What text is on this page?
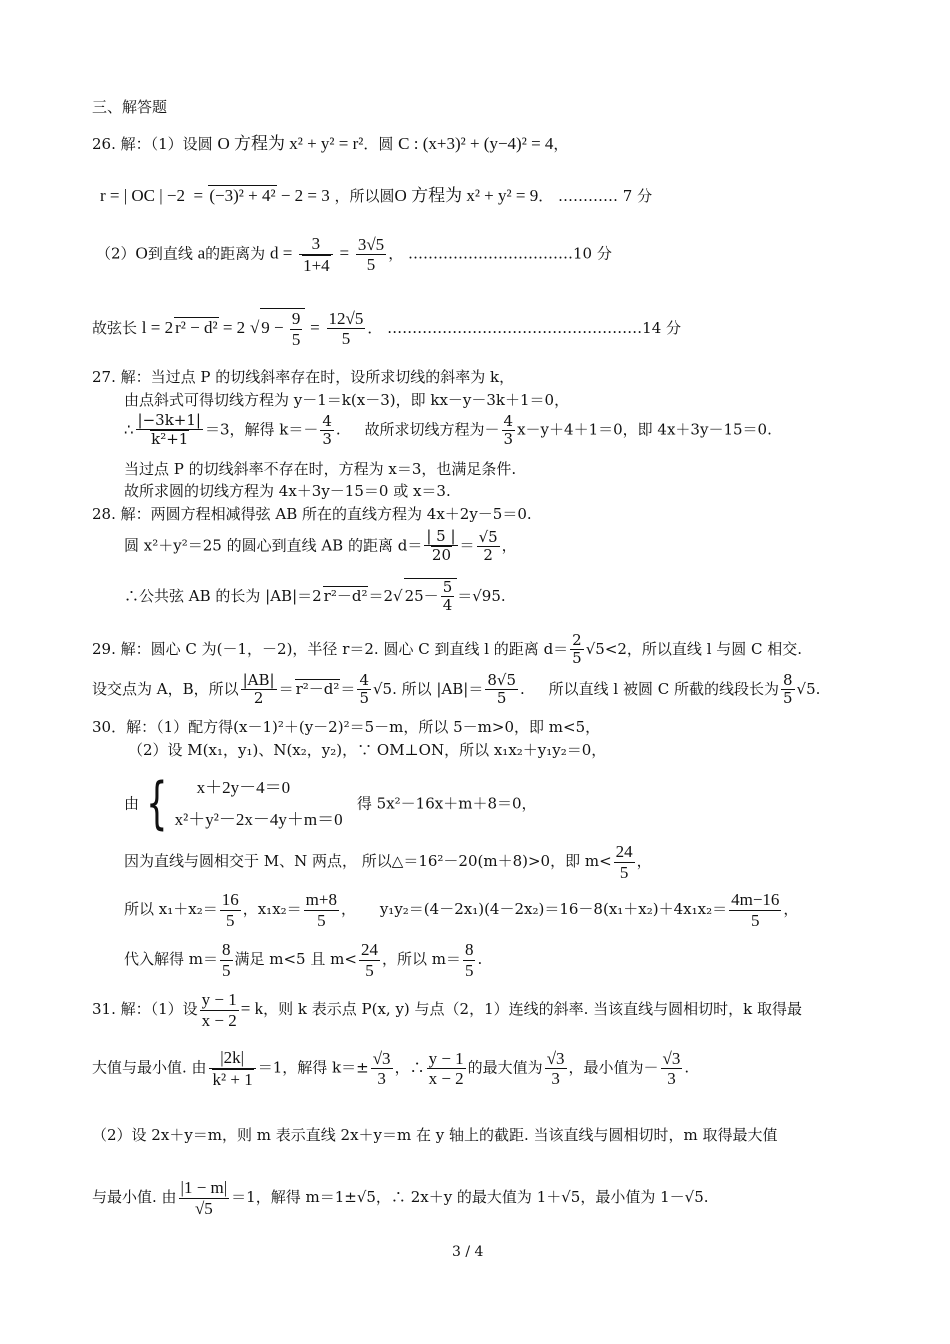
三、解答题
26. 解：（1）设圆 O 方程为 x² + y² = r²．圆 C : (x+3)² + (y−4)² = 4，
r = | OC | −2  = (−3)² + 4² − 2 = 3 ，所以圆O 方程为 x² + y² = 9． ………… 7 分
（2）O到直线 a的距离为 $d = \frac{3}{1+4} = \frac{3√5}{5}$ ， ……………………………10 分
故弦长 l = 2 r² − d² = 2 √ $9 - \frac{9}{5} = \frac{12√5}{5}$ ． ……………………………………………14 分
27. 解：当过点 P 的切线斜率存在时，设所求切线的斜率为 k，
由点斜式可得切线方程为 y－1＝k(x－3)，即 kx－y－3k＋1＝0，
∴ $\frac{|-3k+1|}{\text{k²+1}} =3$，解得 $k=- \frac{4}{3}$ .     故所求切线方程为－ $\frac{4}{3} x-y+4+1=0$，即 4x＋3y－15＝0.
当过点 P 的切线斜率不存在时，方程为 x＝3，也满足条件.
故所求圆的切线方程为 4x＋3y－15＝0 或 x＝3.
28. 解：两圆方程相减得弦 AB 所在的直线方程为 4x＋2y－5＝0.
圆 x²＋y²＝25 的圆心到直线 AB 的距离 $d= \frac{| 5 |}{20} = \frac{√5}{2}$ ，
∴公共弦 AB 的长为 |AB|＝2 r²－d²＝2√ $25- \frac{5}{4} =√95$.
29. 解：圆心 C 为(－1，－2)，半径 r＝2. 圆心 C 到直线 l 的距离 $d= \frac{2}{5} √5<2$，所以直线 l 与圆 C 相交.
设交点为 A，B，所以 $\frac{|AB|}{2} = r^2-d^2= \frac{4}{5} √5$. 所以 $|AB|= \frac{8√5}{5}$ .     所以直线 l 被圆 C 所截的线段长为 $\frac{8}{5} √5$.
30．解：（1）配方得(x－1)²＋(y－2)²＝5－m，所以 5－m>0，即 m<5，
（2）设 M(x₁，y₁)、N(x₂，y₂)，∵ OM⊥ON，所以 x₁x₂＋y₁y₂＝0，
由 {	x＋2y－4＝0
x²＋y²－2x－4y＋m＝0
得 5x²－16x＋m＋8＝0，
因为直线与圆相交于 M、N 两点， 所以△＝16²－20(m＋8)>0，即 $m< \frac{24}{5}$ ，
所以 $x_1+x_2= \frac{16}{5}$ ，$x_1x_2= \frac{m+8}{5}$ ，     $y_1y_2=(4-2x_1)(4-2x_2)=16-8(x_1+x_2)+4x_1x_2= \frac{4m-16}{5}$ ，
代入解得 $m= \frac{8}{5}$ 满足 m<5 且 $m< \frac{24}{5}$ ，所以 $m= \frac{8}{5}$ .
31. 解：（1）设 $\frac{y - 1}{x - 2} = k$，则 k 表示点 P(x, y) 与点（2，1）连线的斜率. 当该直线与圆相切时，k 取得最
大值与最小值. 由 $\frac{|2k|}{\text{k² + 1}} =1$，解得 $k=\pm \frac{√3}{3}$ ，∴ $\frac{y - 1}{x - 2}$ 的最大值为 $\frac{√3}{3}$ ，最小值为－ $\frac{√3}{3}$ .
（2）设 2x＋y＝m，则 m 表示直线 2x＋y＝m 在 y 轴上的截距. 当该直线与圆相切时，m 取得最大值
与最小值. 由 $\frac{|1 - m|}{√5} =1$，解得 m＝1±√5，∴ 2x＋y 的最大值为 1＋√5，最小值为 1－√5.
3 / 4
